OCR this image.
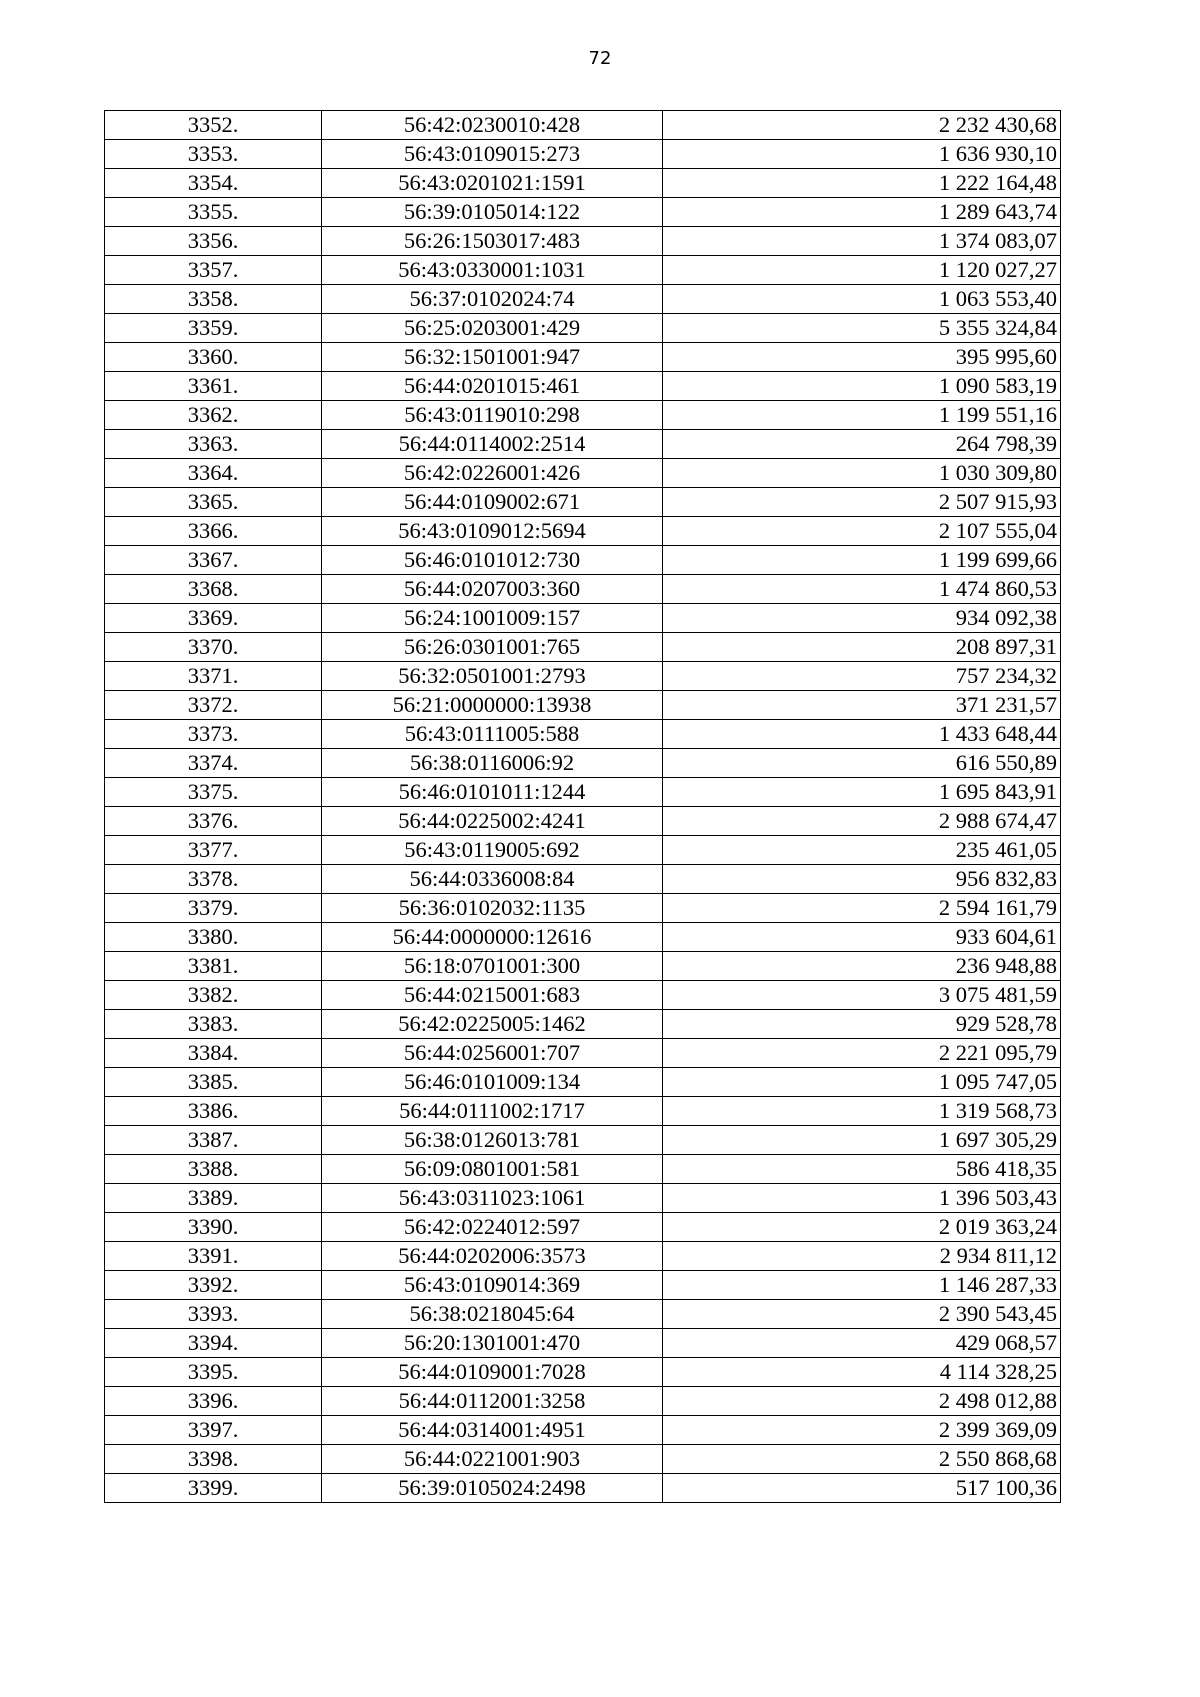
72
3352.	56:42:0230010:428	2 232 430,68
3353.	56:43:0109015:273	1 636 930,10
3354.	56:43:0201021:1591	1 222 164,48
3355.	56:39:0105014:122	1 289 643,74
3356.	56:26:1503017:483	1 374 083,07
3357.	56:43:0330001:1031	1 120 027,27
3358.	56:37:0102024:74	1 063 553,40
3359.	56:25:0203001:429	5 355 324,84
3360.	56:32:1501001:947	395 995,60
3361.	56:44:0201015:461	1 090 583,19
3362.	56:43:0119010:298	1 199 551,16
3363.	56:44:0114002:2514	264 798,39
3364.	56:42:0226001:426	1 030 309,80
3365.	56:44:0109002:671	2 507 915,93
3366.	56:43:0109012:5694	2 107 555,04
3367.	56:46:0101012:730	1 199 699,66
3368.	56:44:0207003:360	1 474 860,53
3369.	56:24:1001009:157	934 092,38
3370.	56:26:0301001:765	208 897,31
3371.	56:32:0501001:2793	757 234,32
3372.	56:21:0000000:13938	371 231,57
3373.	56:43:0111005:588	1 433 648,44
3374.	56:38:0116006:92	616 550,89
3375.	56:46:0101011:1244	1 695 843,91
3376.	56:44:0225002:4241	2 988 674,47
3377.	56:43:0119005:692	235 461,05
3378.	56:44:0336008:84	956 832,83
3379.	56:36:0102032:1135	2 594 161,79
3380.	56:44:0000000:12616	933 604,61
3381.	56:18:0701001:300	236 948,88
3382.	56:44:0215001:683	3 075 481,59
3383.	56:42:0225005:1462	929 528,78
3384.	56:44:0256001:707	2 221 095,79
3385.	56:46:0101009:134	1 095 747,05
3386.	56:44:0111002:1717	1 319 568,73
3387.	56:38:0126013:781	1 697 305,29
3388.	56:09:0801001:581	586 418,35
3389.	56:43:0311023:1061	1 396 503,43
3390.	56:42:0224012:597	2 019 363,24
3391.	56:44:0202006:3573	2 934 811,12
3392.	56:43:0109014:369	1 146 287,33
3393.	56:38:0218045:64	2 390 543,45
3394.	56:20:1301001:470	429 068,57
3395.	56:44:0109001:7028	4 114 328,25
3396.	56:44:0112001:3258	2 498 012,88
3397.	56:44:0314001:4951	2 399 369,09
3398.	56:44:0221001:903	2 550 868,68
3399.	56:39:0105024:2498	517 100,36
